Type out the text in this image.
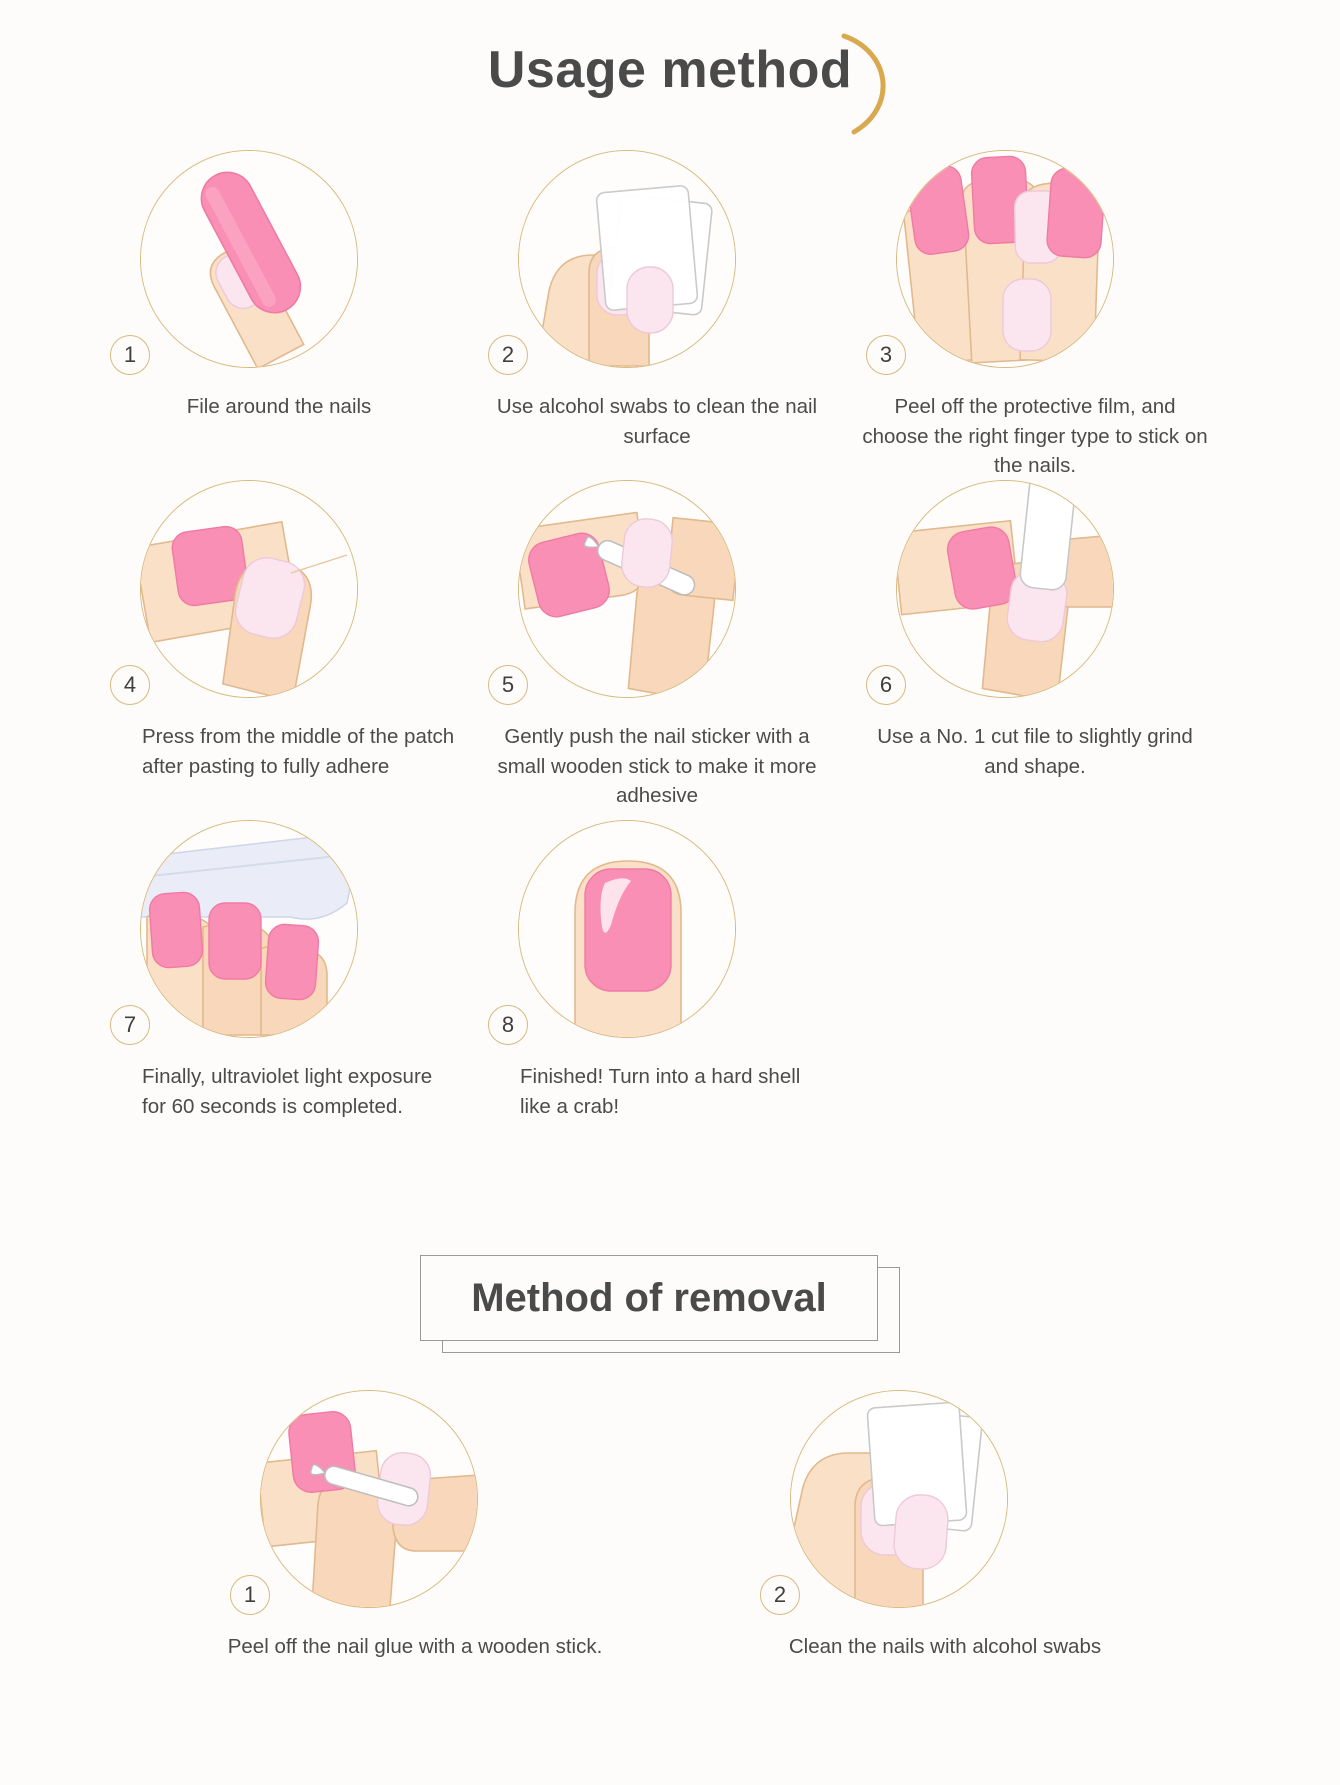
Usage method
1
File around the nails
2
Use alcohol swabs to clean the nail surface
3
Peel off the protective film, and choose the right finger type to stick on the nails.
4
Press from the middle of the patch after pasting to fully adhere
5
Gently push the nail sticker with a small wooden stick to make it more adhesive
6
Use a No. 1 cut file to slightly grind and shape.
7
Finally, ultraviolet light exposure for 60 seconds is completed.
8
Finished! Turn into a hard shell like a crab!
Method of removal
1
Peel off the nail glue with a wooden stick.
2
Clean the nails with alcohol swabs
